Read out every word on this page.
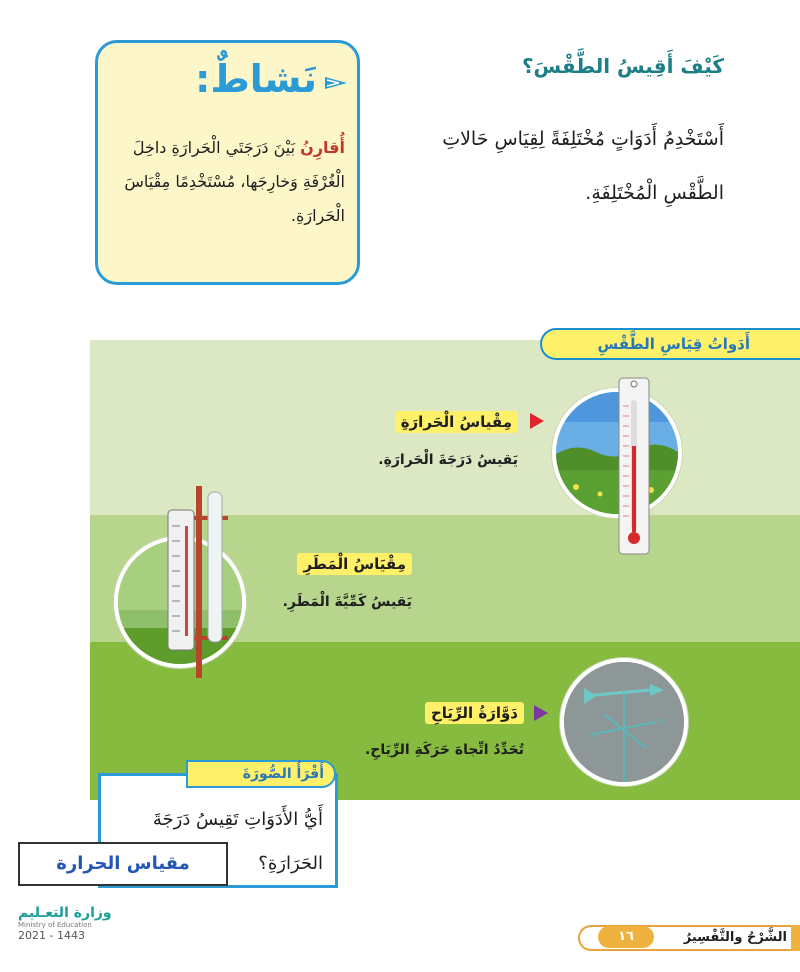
كَيْفَ أَقِيسُ الطَّقْسَ؟
أَسْتَخْدِمُ أَدَوَاتٍ مُخْتَلِفَةً لِقِيَاسِ حَالاتِ الطَّقْسِ الْمُخْتَلِفَةِ.
نَشاطٌ:
أُقارِنُ بَيْنَ دَرَجَتَي الْحَرارَةِ داخِلَ الْغُرْفَةِ وَخارِجَها، مُسْتَخْدِمًا مِقْيَاسَ الْحَرارَةِ.
أَدَواتُ قِيَاسِ الطَّقْسِ
مِقْياسُ الْحَرارَةِ
يَقيسُ دَرَجَةَ الْحَرارَةِ.
مِقْيَاسُ الْمَطَرِ
يَقيسُ كَمِّيَّةَ الْمَطَرِ.
N
S
دَوَّارَةُ الرِّيَاحِ
تُحَدِّدُ اتِّجاهَ حَرَكَةِ الرِّيَاحِ.
أَيُّ الأَدَوَاتِ تَقِيسُ دَرَجَةَ الحَرَارَةِ؟
أَقْرَأُ الصُّورَةَ
مقياس الحرارة
وزارة التعـليم
Ministry of Education
2021 - 1443	الشَّرْحُ والتَّفْسِيرُ
١٦
